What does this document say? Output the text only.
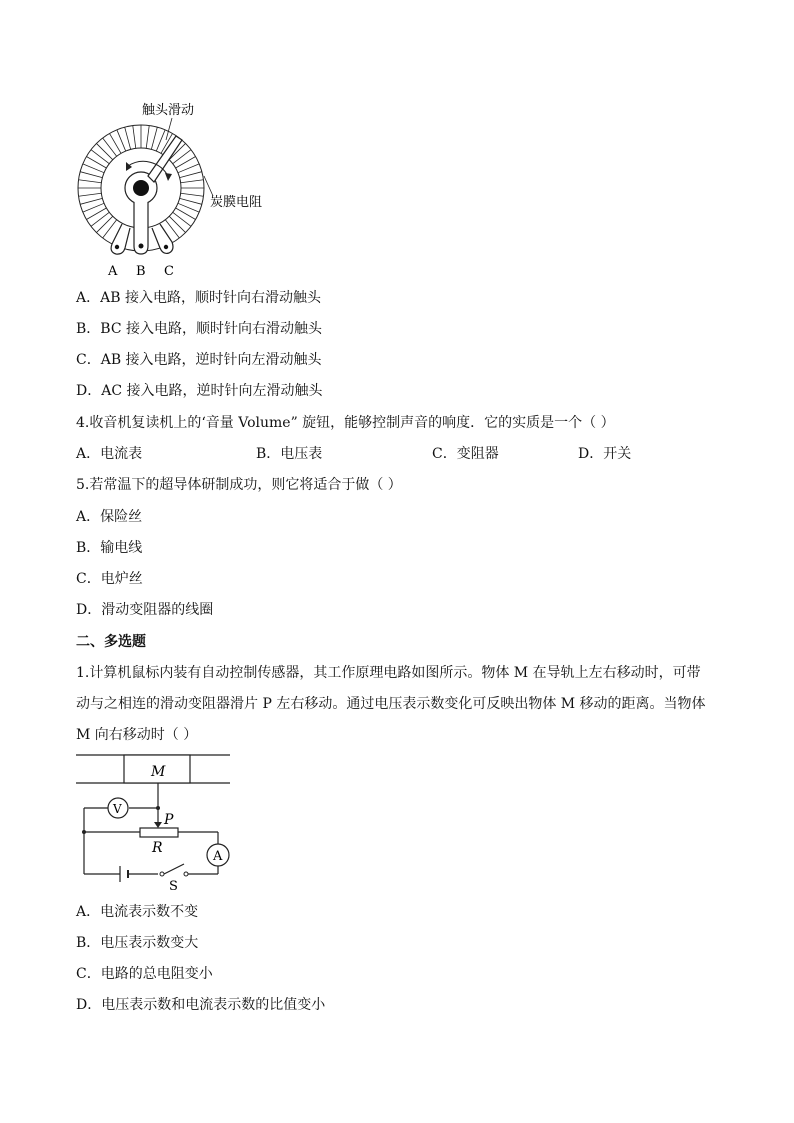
触头滑动
炭膜电阻
A B C
A．AB 接入电路，顺时针向右滑动触头
B．BC 接入电路，顺时针向右滑动触头
C．AB 接入电路，逆时针向左滑动触头
D．AC 接入电路，逆时针向左滑动触头
4.收音机复读机上的‘音量 Volume” 旋钮，能够控制声音的响度．它的实质是一个（ ）
A．电流表	B．电压表	C．变阻器	D．开关
5.若常温下的超导体研制成功，则它将适合于做（ ）
A．保险丝
B．输电线
C．电炉丝
D．滑动变阻器的线圈
二、多选题
1.计算机鼠标内装有自动控制传感器，其工作原理电路如图所示。物体 M 在导轨上左右移动时，可带
动与之相连的滑动变阻器滑片 P 左右移动。通过电压表示数变化可反映出物体 M 移动的距离。当物体
M 向右移动时（ ）
M
V
P
R
A
S
A．电流表示数不变
B．电压表示数变大
C．电路的总电阻变小
D．电压表示数和电流表示数的比值变小
